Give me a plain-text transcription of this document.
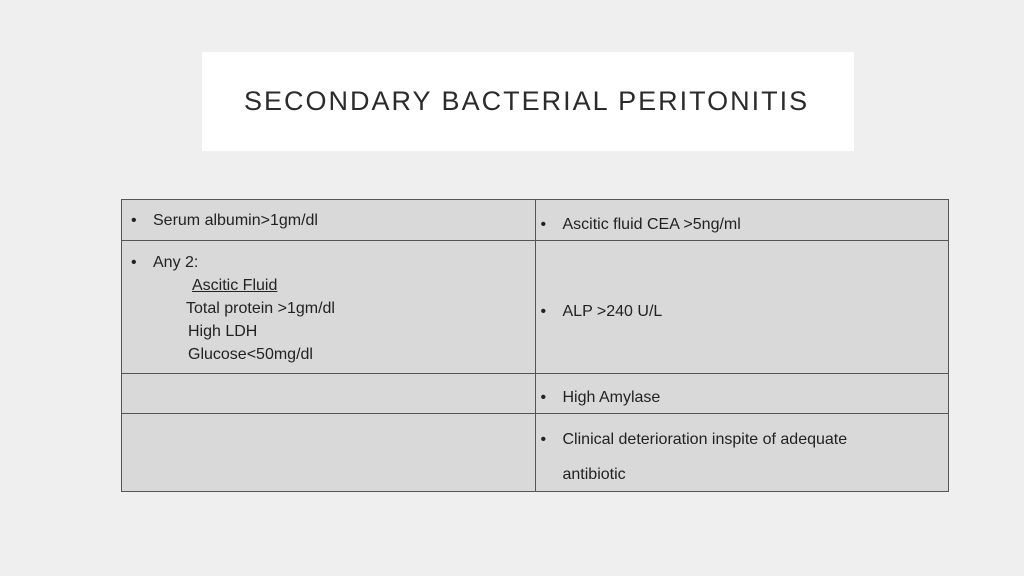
SECONDARY BACTERIAL PERITONITIS
• Serum albumin>1gm/dl	• Ascitic fluid CEA >5ng/ml

• Any 2:
Ascitic Fluid
Total protein >1gm/dl
High LDH
Glucose<50mg/dl	• ALP >240 U/L

	• High Amylase

	• Clinical deterioration inspite of adequate
antibiotic
